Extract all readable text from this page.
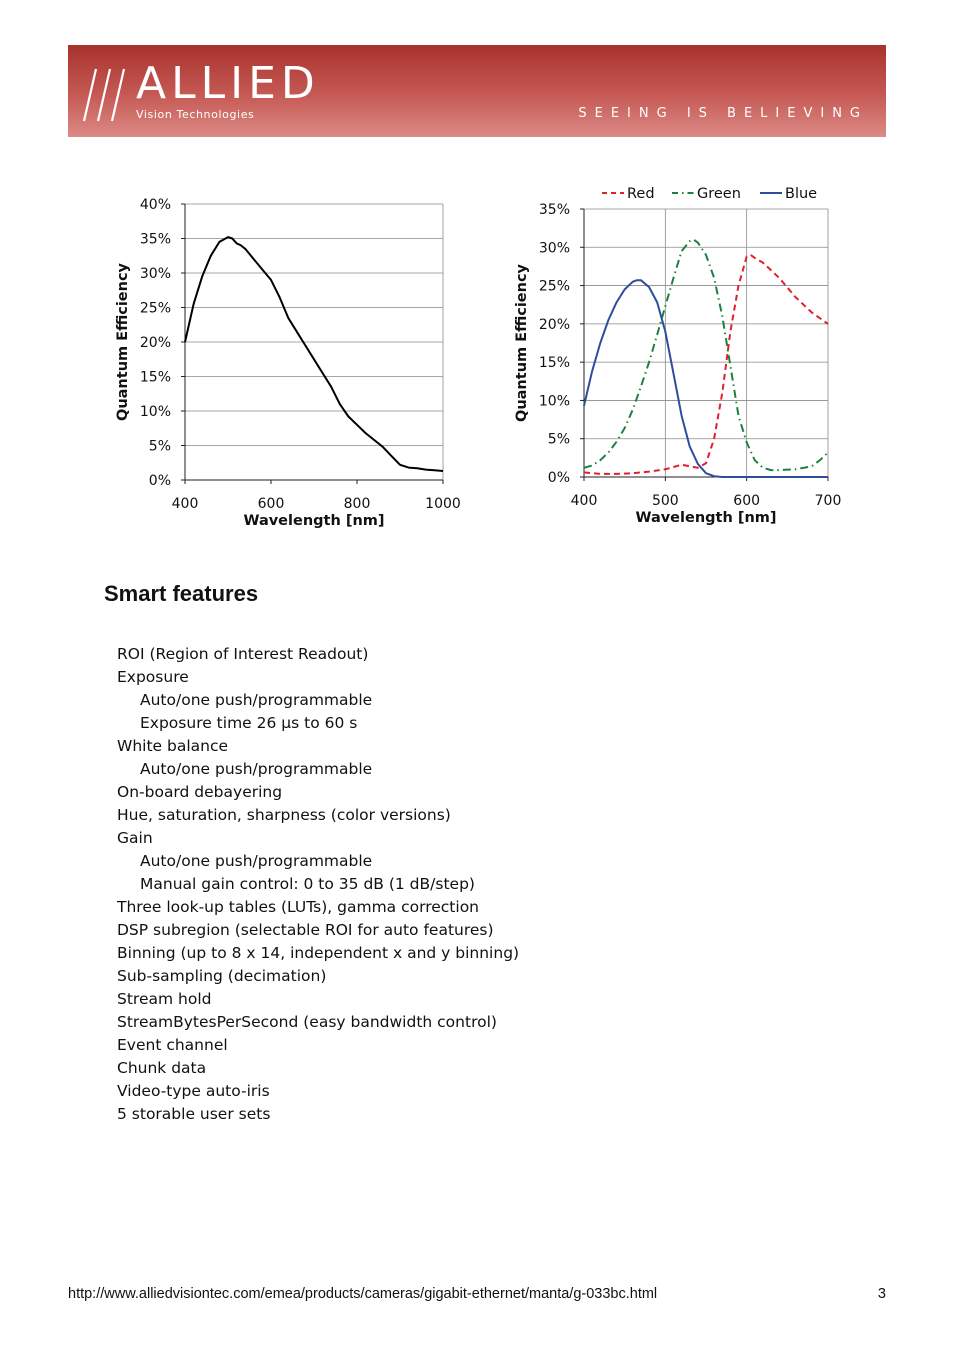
ALLIED
Vision Technologies	SEEING IS BELIEVING
0%
5%
10%
15%
20%
25%
30%
35%
40%
400	600	800	1000
Wavelength [nm]
Quantum Efficiency
0%
5%
10%
15%
20%
25%
30%
35%
400	500	600	700
Wavelength [nm]
Quantum Efficiency
Red	Green	Blue
Smart features
ROI (Region of Interest Readout)
Exposure
Auto/one push/programmable
Exposure time 26 µs to 60 s
White balance
Auto/one push/programmable
On-board debayering
Hue, saturation, sharpness (color versions)
Gain
Auto/one push/programmable
Manual gain control: 0 to 35 dB (1 dB/step)
Three look-up tables (LUTs), gamma correction
DSP subregion (selectable ROI for auto features)
Binning (up to 8 x 14, independent x and y binning)
Sub-sampling (decimation)
Stream hold
StreamBytesPerSecond (easy bandwidth control)
Event channel
Chunk data
Video-type auto-iris
5 storable user sets
http://www.alliedvisiontec.com/emea/products/cameras/gigabit-ethernet/manta/g-033bc.html	3
